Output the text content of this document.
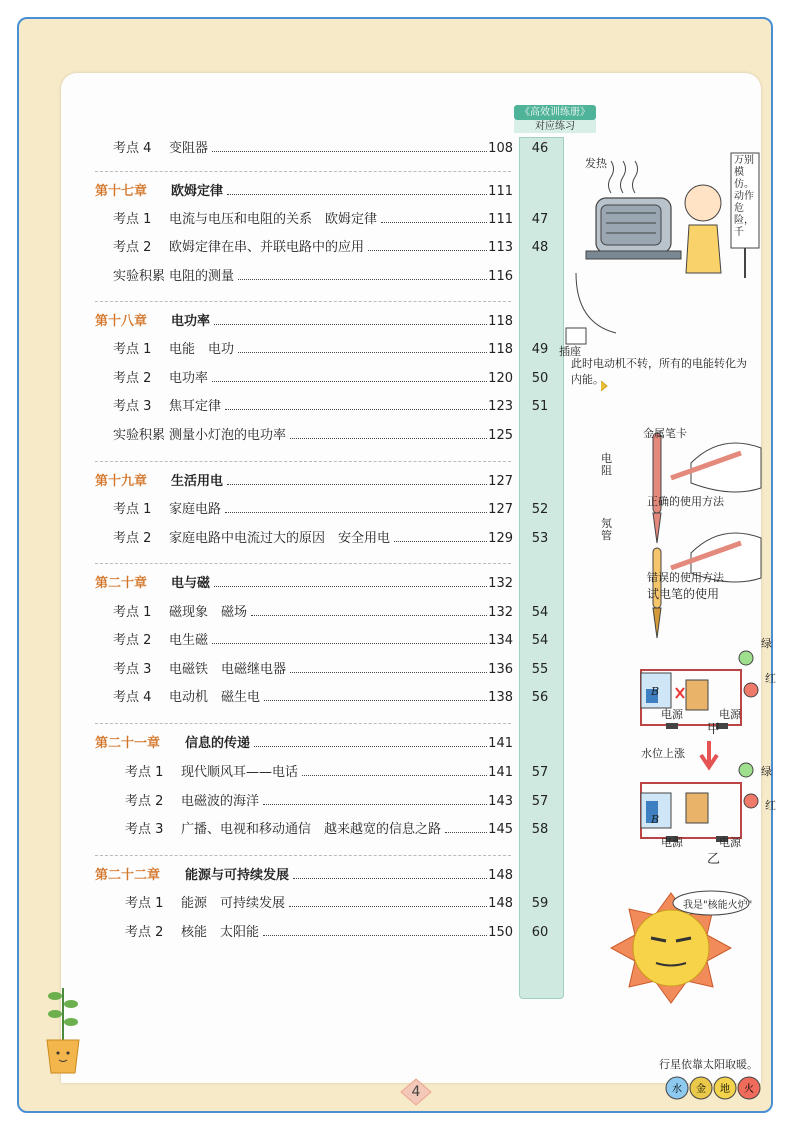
《高效训练册》
对应练习
考点 4 变阻器	108	46
第十七章 欧姆定律	111
考点 1 电流与电压和电阻的关系　欧姆定律	111	47
考点 2 欧姆定律在串、并联电路中的应用	113	48
实验积累 电阻的测量	116
第十八章 电功率	118
考点 1 电能　电功	118	49
考点 2 电功率	120	50
考点 3 焦耳定律	123	51
实验积累 测量小灯泡的电功率	125
第十九章 生活用电	127
考点 1 家庭电路	127	52
考点 2 家庭电路中电流过大的原因　安全用电	129	53
第二十章 电与磁	132
考点 1 磁现象　磁场	132	54
考点 2 电生磁	134	54
考点 3 电磁铁　电磁继电器	136	55
考点 4 电动机　磁生电	138	56
第二十一章 信息的传递	141
考点 1 现代顺风耳——电话	141	57
考点 2 电磁波的海洋	143	57
考点 3 广播、电视和移动通信　越来越宽的信息之路	145	58
第二十二章 能源与可持续发展	148
考点 1 能源　可持续发展	148	59
考点 2 核能　太阳能	150	60
水 金 地 火
发热	万别模仿。动作危险，千
插座
此时电动机不转，所有的电能转化为内能。
金属笔卡
电阻
氖管
正确的使用方法
错误的使用方法
试电笔的使用
绿
红
B
电源	电源
甲
水位上涨
绿
红
B
电源	电源
乙
我是"核能火炉"
行星依靠太阳取暖。
4
